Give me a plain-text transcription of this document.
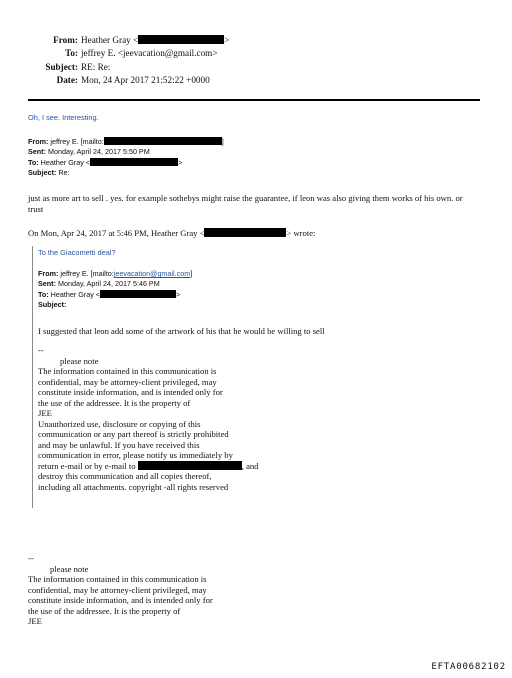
From: Heather Gray <	>
To: jeffrey E. <jeevacation@gmail.com>
Subject: RE: Re:
Date: Mon, 24 Apr 2017 21:52:22 +0000
Oh, I see. Interesting.
From: jeffrey E. [mailto:	]
Sent: Monday, April 24, 2017 5:50 PM
To: Heather Gray <	>
Subject: Re:
just as more art to sell . yes. for example sothebys might raise the guarantee, if leon was also giving them works of his own. or trust
On Mon, Apr 24, 2017 at 5:46 PM, Heather Gray <	> wrote:
To the Giacometti deal?
From: jeffrey E. [mailto:jeevacation@gmail.com]
Sent: Monday, April 24, 2017 5:46 PM
To: Heather Gray <	>
Subject:
I suggested that leon add some of the artwork of his that he would be willing to sell
--
please note
The information contained in this communication is
confidential, may be attorney-client privileged, may
constitute inside information, and is intended only for
the use of the addressee. It is the property of
JEE
Unauthorized use, disclosure or copying of this
communication or any part thereof is strictly prohibited
and may be unlawful. If you have received this
communication in error, please notify us immediately by
return e-mail or by e-mail to	, and
destroy this communication and all copies thereof,
including all attachments. copyright -all rights reserved
--
please note
The information contained in this communication is
confidential, may be attorney-client privileged, may
constitute inside information, and is intended only for
the use of the addressee. It is the property of
JEE
EFTA00682102
